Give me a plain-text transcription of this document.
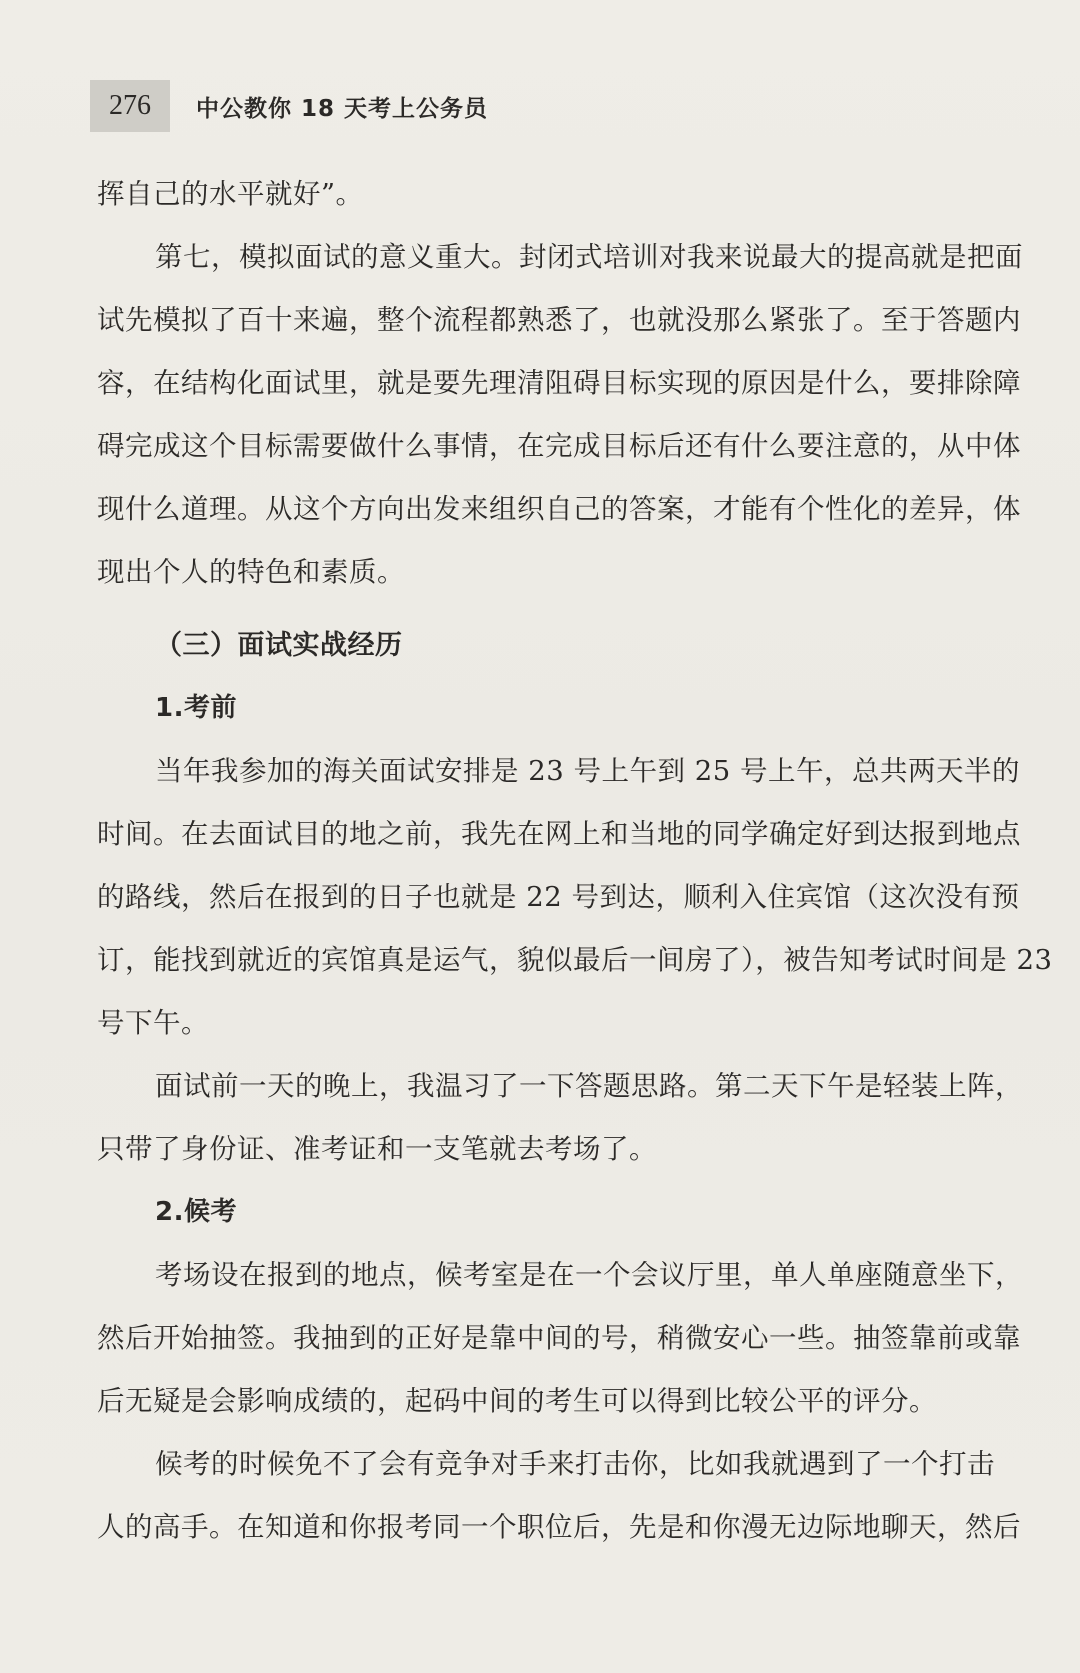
276	中公教你 18 天考上公务员

挥自己的水平就好”。

第七，模拟面试的意义重大。封闭式培训对我来说最大的提高就是把面

试先模拟了百十来遍，整个流程都熟悉了，也就没那么紧张了。至于答题内

容，在结构化面试里，就是要先理清阻碍目标实现的原因是什么，要排除障

碍完成这个目标需要做什么事情，在完成目标后还有什么要注意的，从中体

现什么道理。从这个方向出发来组织自己的答案，才能有个性化的差异，体

现出个人的特色和素质。

（三）面试实战经历

1.考前

当年我参加的海关面试安排是 23 号上午到 25 号上午，总共两天半的

时间。在去面试目的地之前，我先在网上和当地的同学确定好到达报到地点

的路线，然后在报到的日子也就是 22 号到达，顺利入住宾馆（这次没有预

订，能找到就近的宾馆真是运气，貌似最后一间房了），被告知考试时间是 23

号下午。

面试前一天的晚上，我温习了一下答题思路。第二天下午是轻装上阵，

只带了身份证、准考证和一支笔就去考场了。

2.候考

考场设在报到的地点，候考室是在一个会议厅里，单人单座随意坐下，

然后开始抽签。我抽到的正好是靠中间的号，稍微安心一些。抽签靠前或靠

后无疑是会影响成绩的，起码中间的考生可以得到比较公平的评分。

候考的时候免不了会有竞争对手来打击你，比如我就遇到了一个打击

人的高手。在知道和你报考同一个职位后，先是和你漫无边际地聊天，然后
